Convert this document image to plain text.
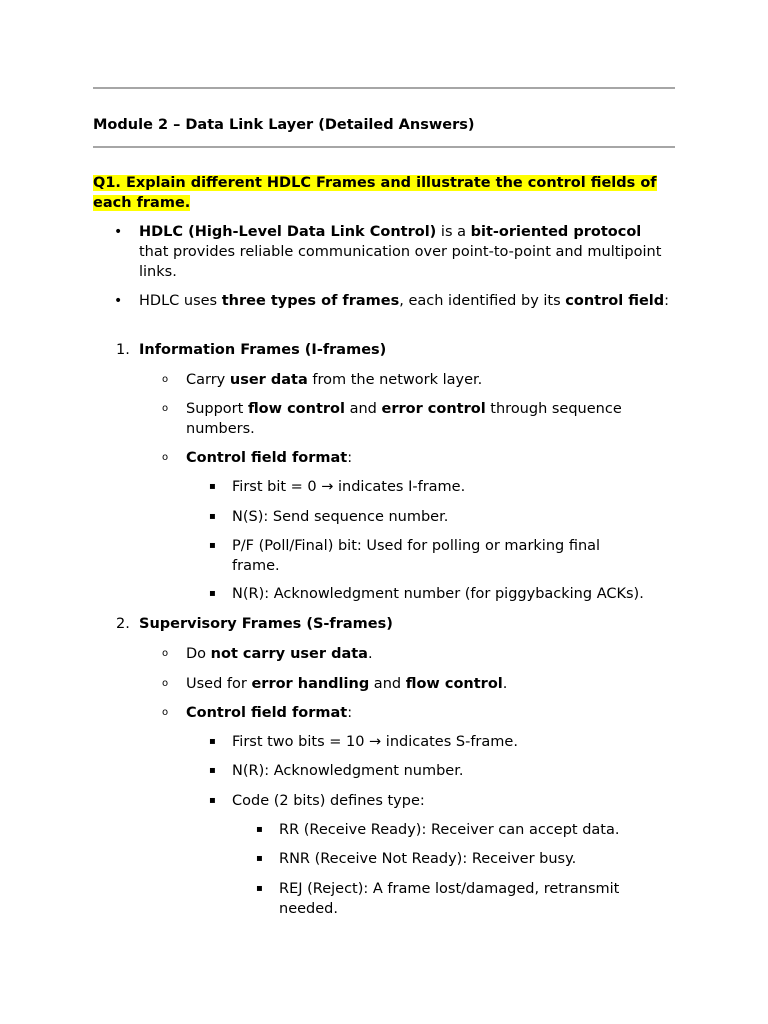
Module 2 – Data Link Layer (Detailed Answers)
Q1. Explain different HDLC Frames and illustrate the control fields of each frame.
• HDLC (High-Level Data Link Control) is a bit-oriented protocol that provides reliable communication over point-to-point and multipoint links.
• HDLC uses three types of frames, each identified by its control field:
1. Information Frames (I-frames)
o Carry user data from the network layer.
o Support flow control and error control through sequence numbers.
o Control field format:
▪ First bit = 0 → indicates I-frame.
▪ N(S): Send sequence number.
▪ P/F (Poll/Final) bit: Used for polling or marking final frame.
▪ N(R): Acknowledgment number (for piggybacking ACKs).
2. Supervisory Frames (S-frames)
o Do not carry user data.
o Used for error handling and flow control.
o Control field format:
▪ First two bits = 10 → indicates S-frame.
▪ N(R): Acknowledgment number.
▪ Code (2 bits) defines type:
▪ RR (Receive Ready): Receiver can accept data.
▪ RNR (Receive Not Ready): Receiver busy.
▪ REJ (Reject): A frame lost/damaged, retransmit needed.
